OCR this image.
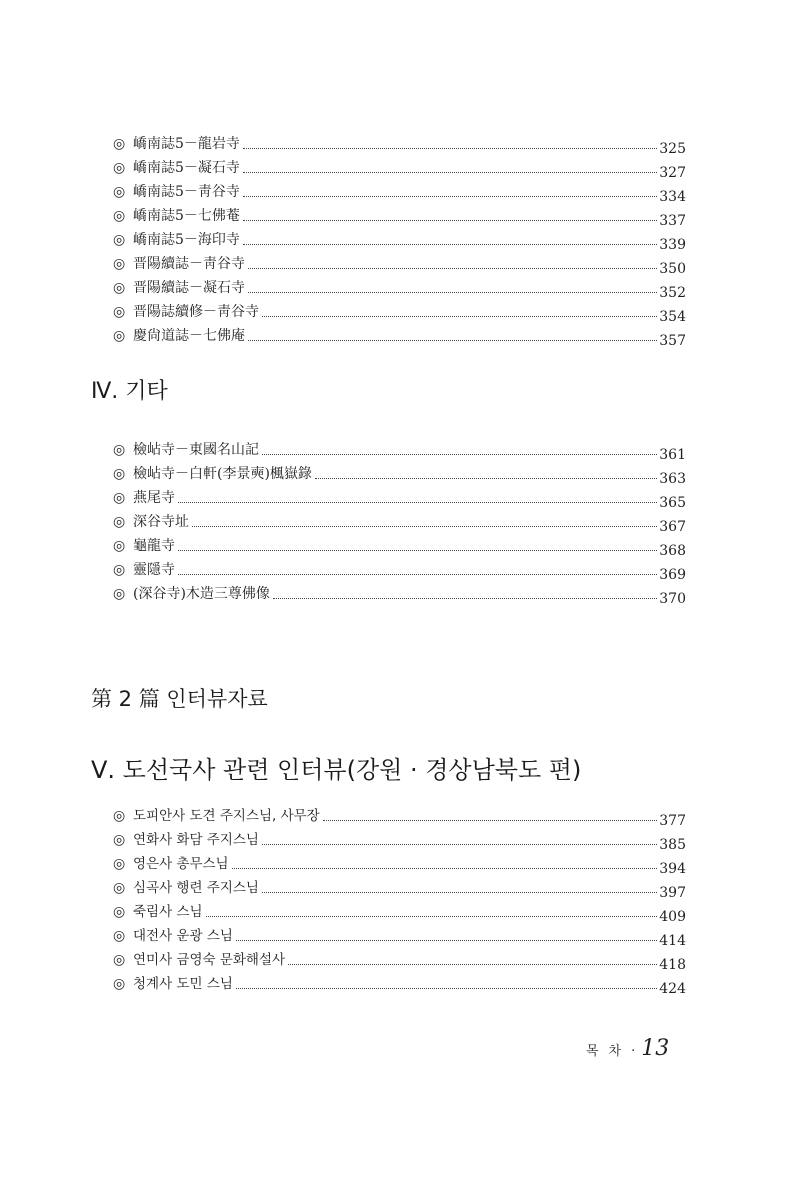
◎ 嶠南誌5－龍岩寺	325
◎ 嶠南誌5－凝石寺	327
◎ 嶠南誌5－靑谷寺	334
◎ 嶠南誌5－七佛菴	337
◎ 嶠南誌5－海印寺	339
◎ 晋陽續誌－靑谷寺	350
◎ 晋陽續誌－凝石寺	352
◎ 晋陽誌續修－靑谷寺	354
◎ 慶尙道誌－七佛庵	357
Ⅳ. 기타
◎ 檢岾寺－東國名山記	361
◎ 檢岾寺－白軒(李景奭)楓嶽錄	363
◎ 燕尾寺	365
◎ 深谷寺址	367
◎ 龜龍寺	368
◎ 靈隱寺	369
◎ (深谷寺)木造三尊佛像	370
第 2 篇 인터뷰자료
Ⅴ. 도선국사 관련 인터뷰(강원 · 경상남북도 편)
◎ 도피안사 도견 주지스님, 사무장	377
◎ 연화사 화담 주지스님	385
◎ 영은사 총무스님	394
◎ 심곡사 행련 주지스님	397
◎ 죽림사 스님	409
◎ 대전사 운광 스님	414
◎ 연미사 금영숙 문화해설사	418
◎ 청계사 도민 스님	424
목차 · 13
